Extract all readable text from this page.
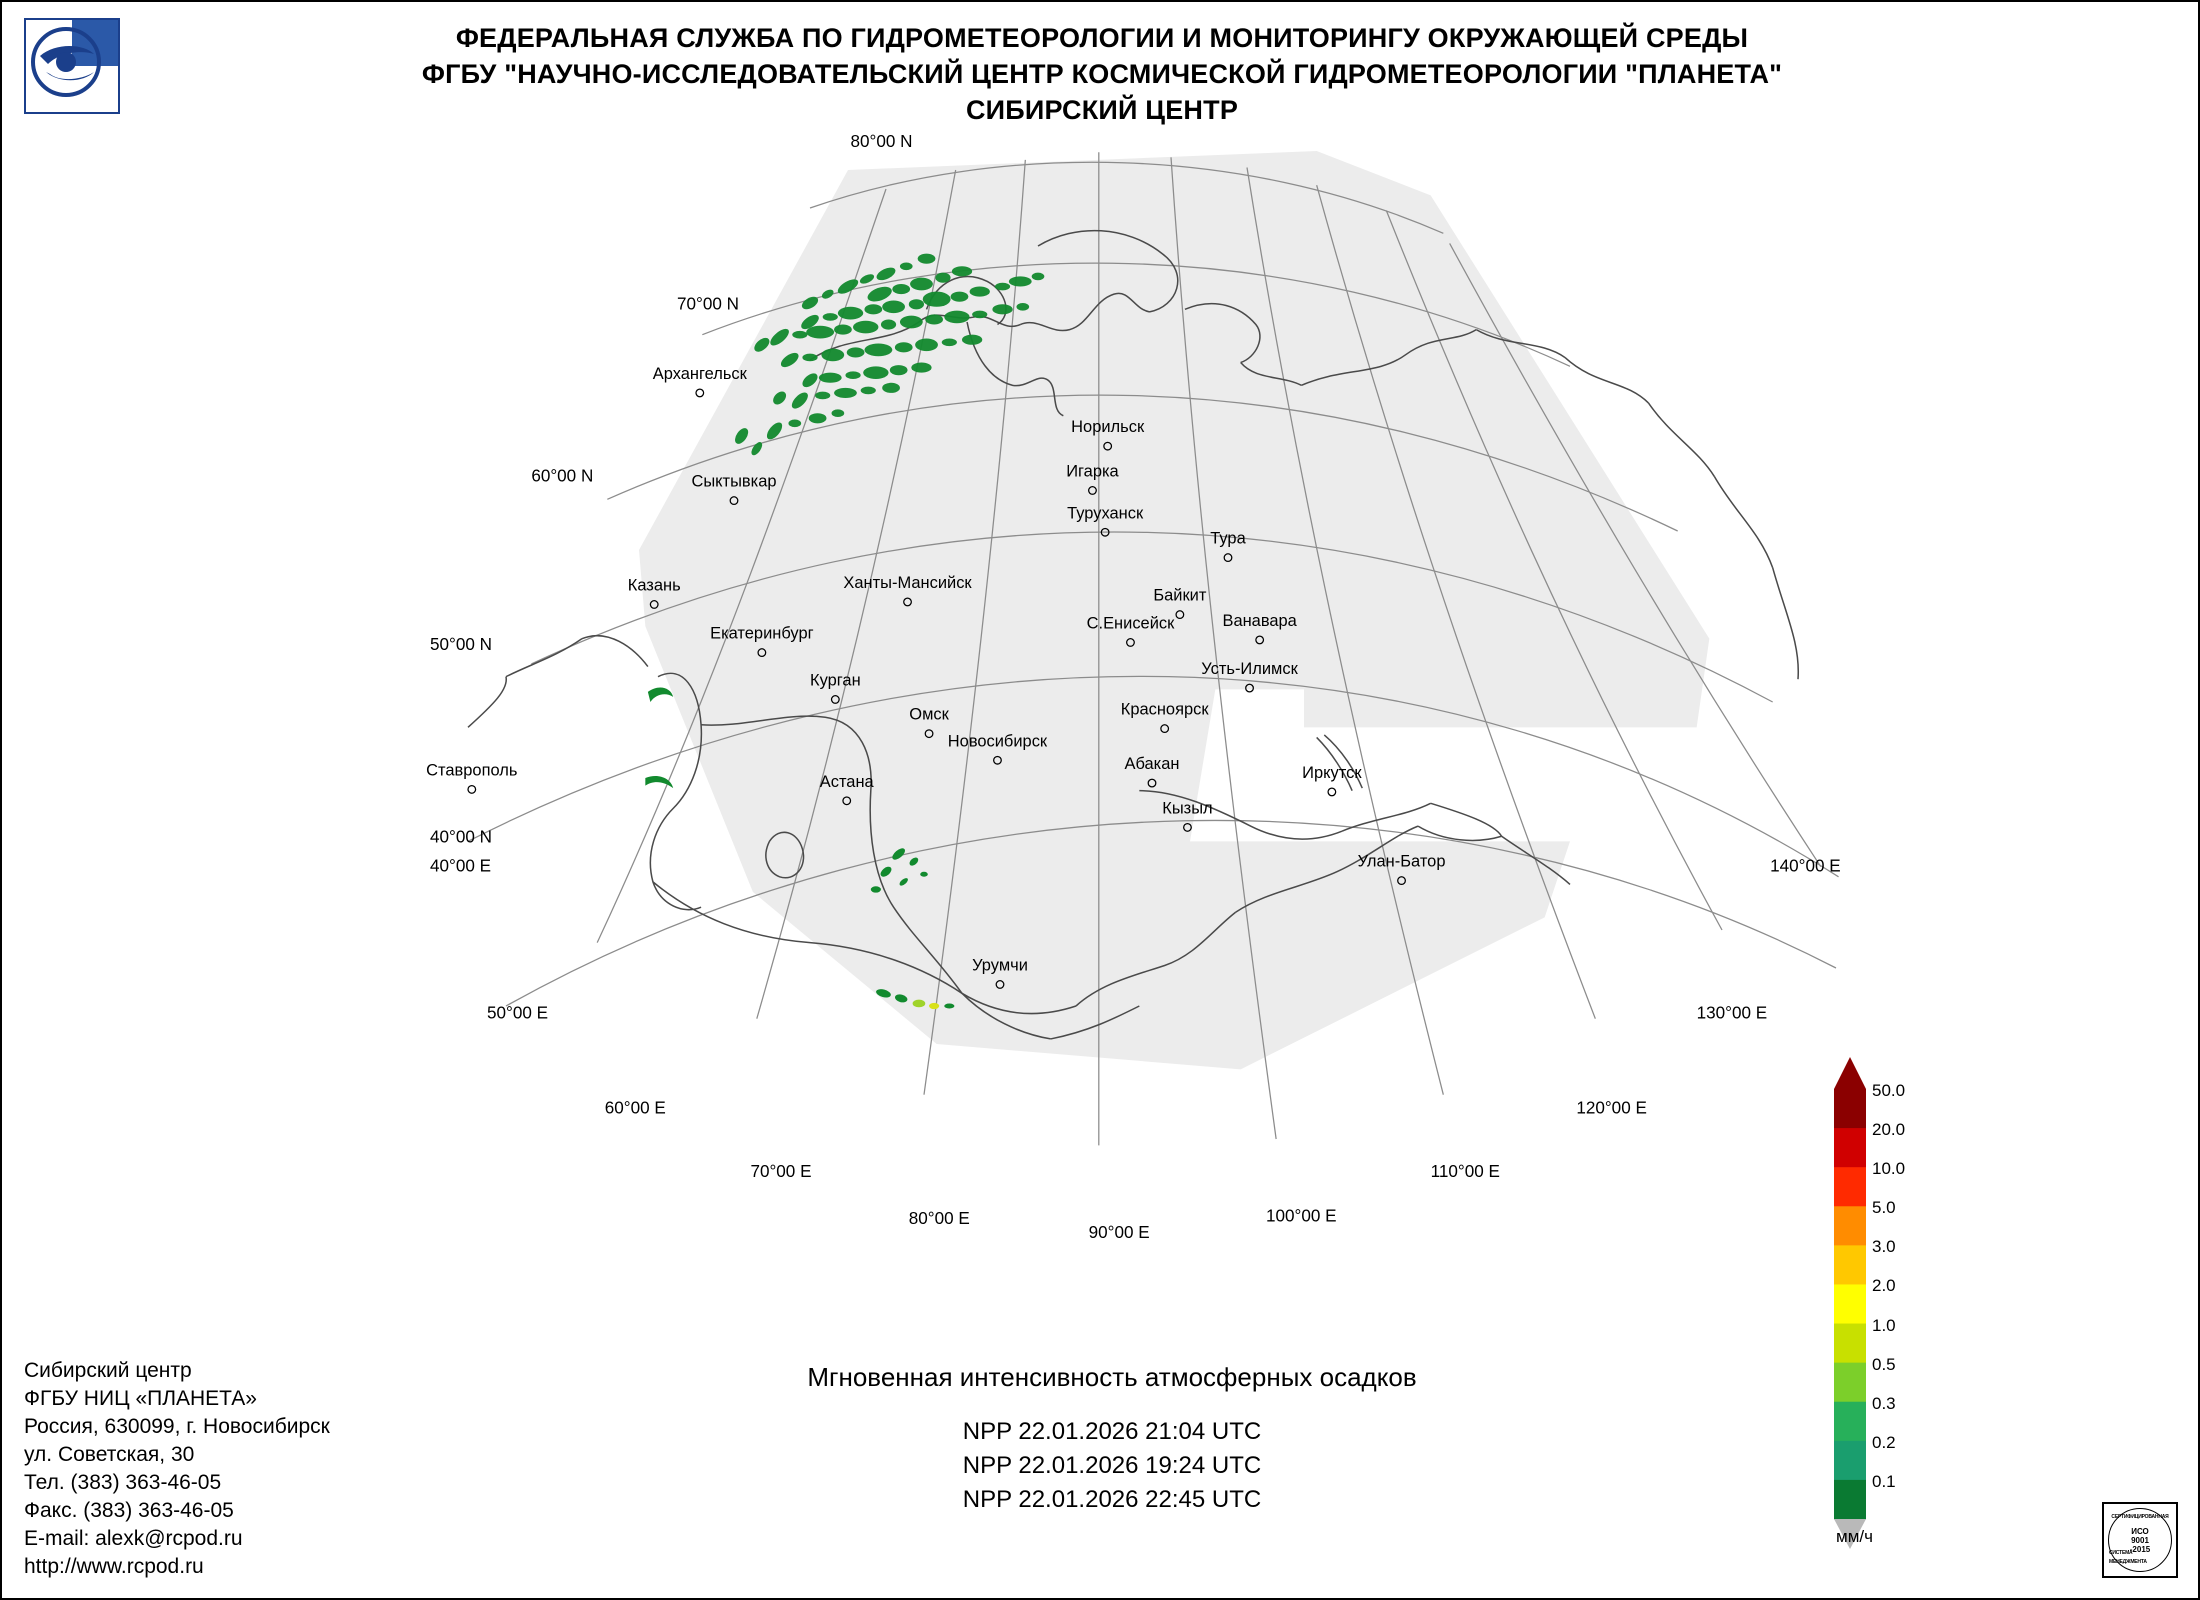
ФЕДЕРАЛЬНАЯ СЛУЖБА ПО ГИДРОМЕТЕОРОЛОГИИ И МОНИТОРИНГУ ОКРУЖАЮЩЕЙ СРЕДЫ
ФГБУ "НАУЧНО-ИССЛЕДОВАТЕЛЬСКИЙ ЦЕНТР КОСМИЧЕСКОЙ ГИДРОМЕТЕОРОЛОГИИ "ПЛАНЕТА"
СИБИРСКИЙ ЦЕНТР
Архангельск
Норильск
Сыктывкар
Игарка
Туруханск
Тура
Казань	Ханты-Мансийск
Байкит
Екатеринбург
С.Енисейск	Ванавара
Усть-Илимск
Курган
Ставрополь
Омск	Красноярск
Новосибирск
Абакан	Иркутск
Астана
Кызыл
Улан-Батор
Урумчи
80°00 N
70°00 N
60°00 N
50°00 N
40°00 N
40°00 E
50°00 E
60°00 E
70°00 E
80°00 E
90°00 E
100°00 E
110°00 E
120°00 E
130°00 E
140°00 E
50.0
20.0
10.0
5.0
3.0
2.0
1.0
0.5
0.3
0.2
0.1
мм/ч
Сибирский центр
ФГБУ НИЦ «ПЛАНЕТА»
Россия, 630099, г. Новосибирск
ул. Советская, 30
Тел. (383) 363-46-05
Факс. (383) 363-46-05
E-mail: alexk@rcpod.ru
http://www.rcpod.ru
Мгновенная интенсивность атмосферных осадков
NPP 22.01.2026 21:04 UTC
NPP 22.01.2026 19:24 UTC
NPP 22.01.2026 22:45 UTC
СЕРТИФИЦИРОВАННАЯ
ИСО
9001
-2015
СИСТЕМА МЕНЕДЖМЕНТА
